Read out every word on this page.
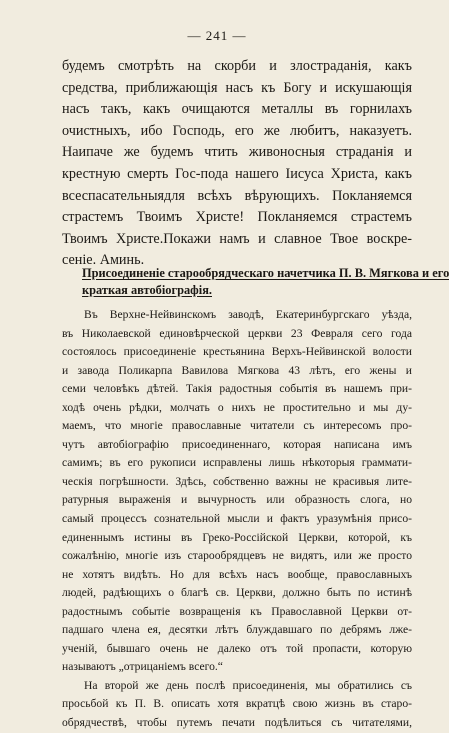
— 241 —
будемъ смотрѣть на скорби и злостраданія, какъ
средства, приближающія насъ къ Богу и искушающія
насъ такъ, какъ очищаются металлы въ горнилахъ
очистныхъ, ибо Господь, его же любитъ, наказуетъ.
Наипаче же будемъ чтить живоносныя страданія и
крестную смерть Гос-пода нашего Іисуса Христа, какъ
всеспасательныядля всѣхъ вѣрующихъ. Покланяемся
страстемъ Твоимъ Христе! Покланяемся страстемъ
Твоимъ Христе.Покажи намъ и славное Твое воскре-
сеніе. Аминь.
Присоединеніе старообрядческаго начетчика П. В. Мягкова и его
краткая автобіографія.
Въ Верхне-Нейвинскомъ заводѣ, Екатеринбургскаго уѣзда,
въ Николаевской единовѣрческой церкви 23 Февраля сего года
состоялось присоединеніе крестьянина Верхъ-Нейвинской волости
и завода Поликарпа Вавилова Мягкова 43 лѣтъ, его жены и
семи человѣкъ дѣтей. Такія радостныя событія въ нашемъ при-
ходѣ очень рѣдки, молчать о нихъ не простительно и мы ду-
маемъ, что многіе православные читатели съ интересомъ про-
чутъ автобіографію присоединеннаго, которая написана имъ
самимъ; въ его рукописи исправлены лишь нѣкоторыя граммати-
ческія погрѣшности. Здѣсь, собственно важны не красивыя лите-
ратурныя выраженія и вычурность или образность слога, но
самый процессъ сознательной мысли и фактъ уразумѣнія присо-
единеннымъ истины въ Греко-Россійской Церкви, которой, къ
сожалѣнію, многіе изъ старообрядцевъ не видятъ, или же просто
не хотятъ видѣть. Но для всѣхъ насъ вообще, православныхъ
людей, радѣющихъ о благѣ св. Церкви, должно быть по истинѣ
радостнымъ событіе возвращенія къ Православной Церкви от-
падшаго члена ея, десятки лѣтъ блуждавшаго по дебрямъ лже-
ученій, бывшаго очень не далеко отъ той пропасти, которую
называютъ „отрицаніемъ всего.“
На второй же день послѣ присоединенія, мы обратились съ
просьбой къ П. В. описать хотя вкратцѣ свою жизнь въ старо-
обрядчествѣ, чтобы путемъ печати подѣлиться съ читателями,
